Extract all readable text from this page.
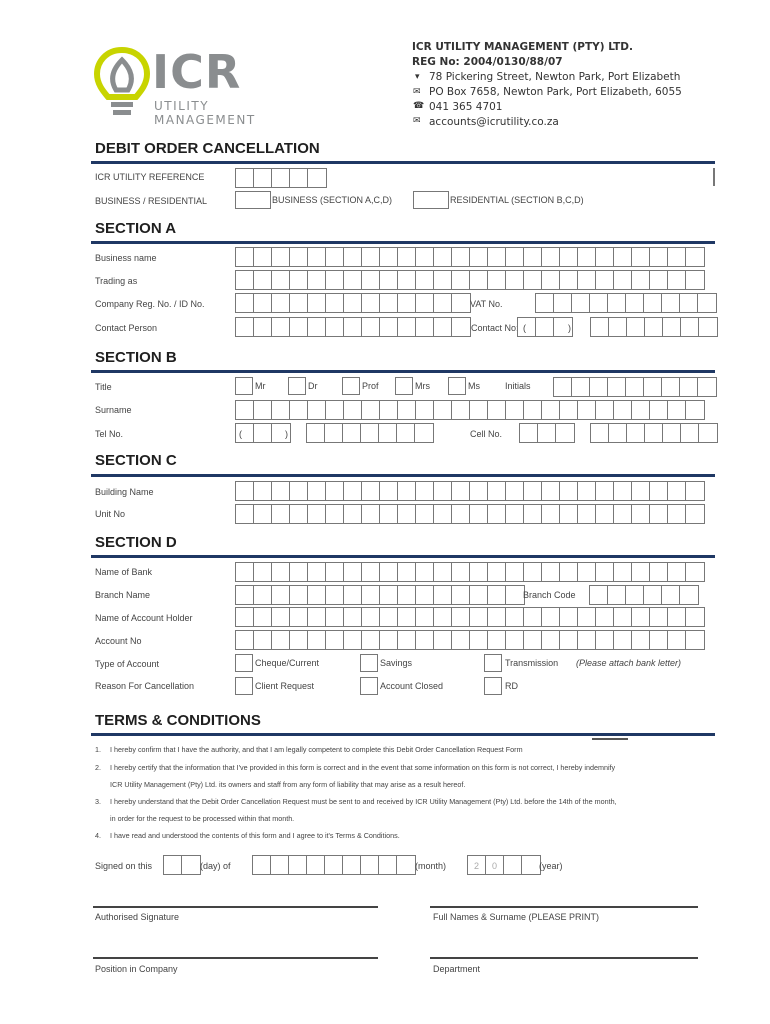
ICR
UTILITY
MANAGEMENT
ICR UTILITY MANAGEMENT (PTY) LTD.
REG No: 2004/0130/88/07
▾ 78 Pickering Street, Newton Park, Port Elizabeth
✉ PO Box 7658, Newton Park, Port Elizabeth, 6055
☎ 041 365 4701
✉ accounts@icrutility.co.za
DEBIT ORDER CANCELLATION
ICR UTILITY REFERENCE
BUSINESS / RESIDENTIAL	BUSINESS (SECTION A,C,D)	RESIDENTIAL (SECTION B,C,D)
SECTION A
Business name
Trading as
Company Reg. No. / ID No.	VAT No.
Contact Person	Contact No: (	)
SECTION B
Title	Mr	Dr	Prof	Mrs	Ms	Initials
Surname
Tel No.	(	)	Cell No.
SECTION C
Building Name
Unit No
SECTION D
Name of Bank
Branch Name	Branch Code
Name of Account Holder
Account No
Type of Account	Cheque/Current	Savings	Transmission (Please attach bank letter)
Reason For Cancellation	Client Request	Account Closed	RD
TERMS & CONDITIONS
1. I hereby confirm that I have the authority, and that I am legally competent to complete this Debit Order Cancellation Request Form
2. I hereby certify that the information that I've provided in this form is correct and in the event that some information on this form is not correct, I hereby indemnify
ICR Utility Management (Pty) Ltd. its owners and staff from any form of liability that may arise as a result hereof.
3. I hereby understand that the Debit Order Cancellation Request must be sent to and received by ICR Utility Management (Pty) Ltd. before the 14th of the month,
in order for the request to be processed within that month.
4. I have read and understood the contents of this form and I agree to it's Terms & Conditions.
Signed on this	(day) of	(month)	2 0	(year)
Authorised Signature	Full Names & Surname (PLEASE PRINT)
Position in Company	Department
